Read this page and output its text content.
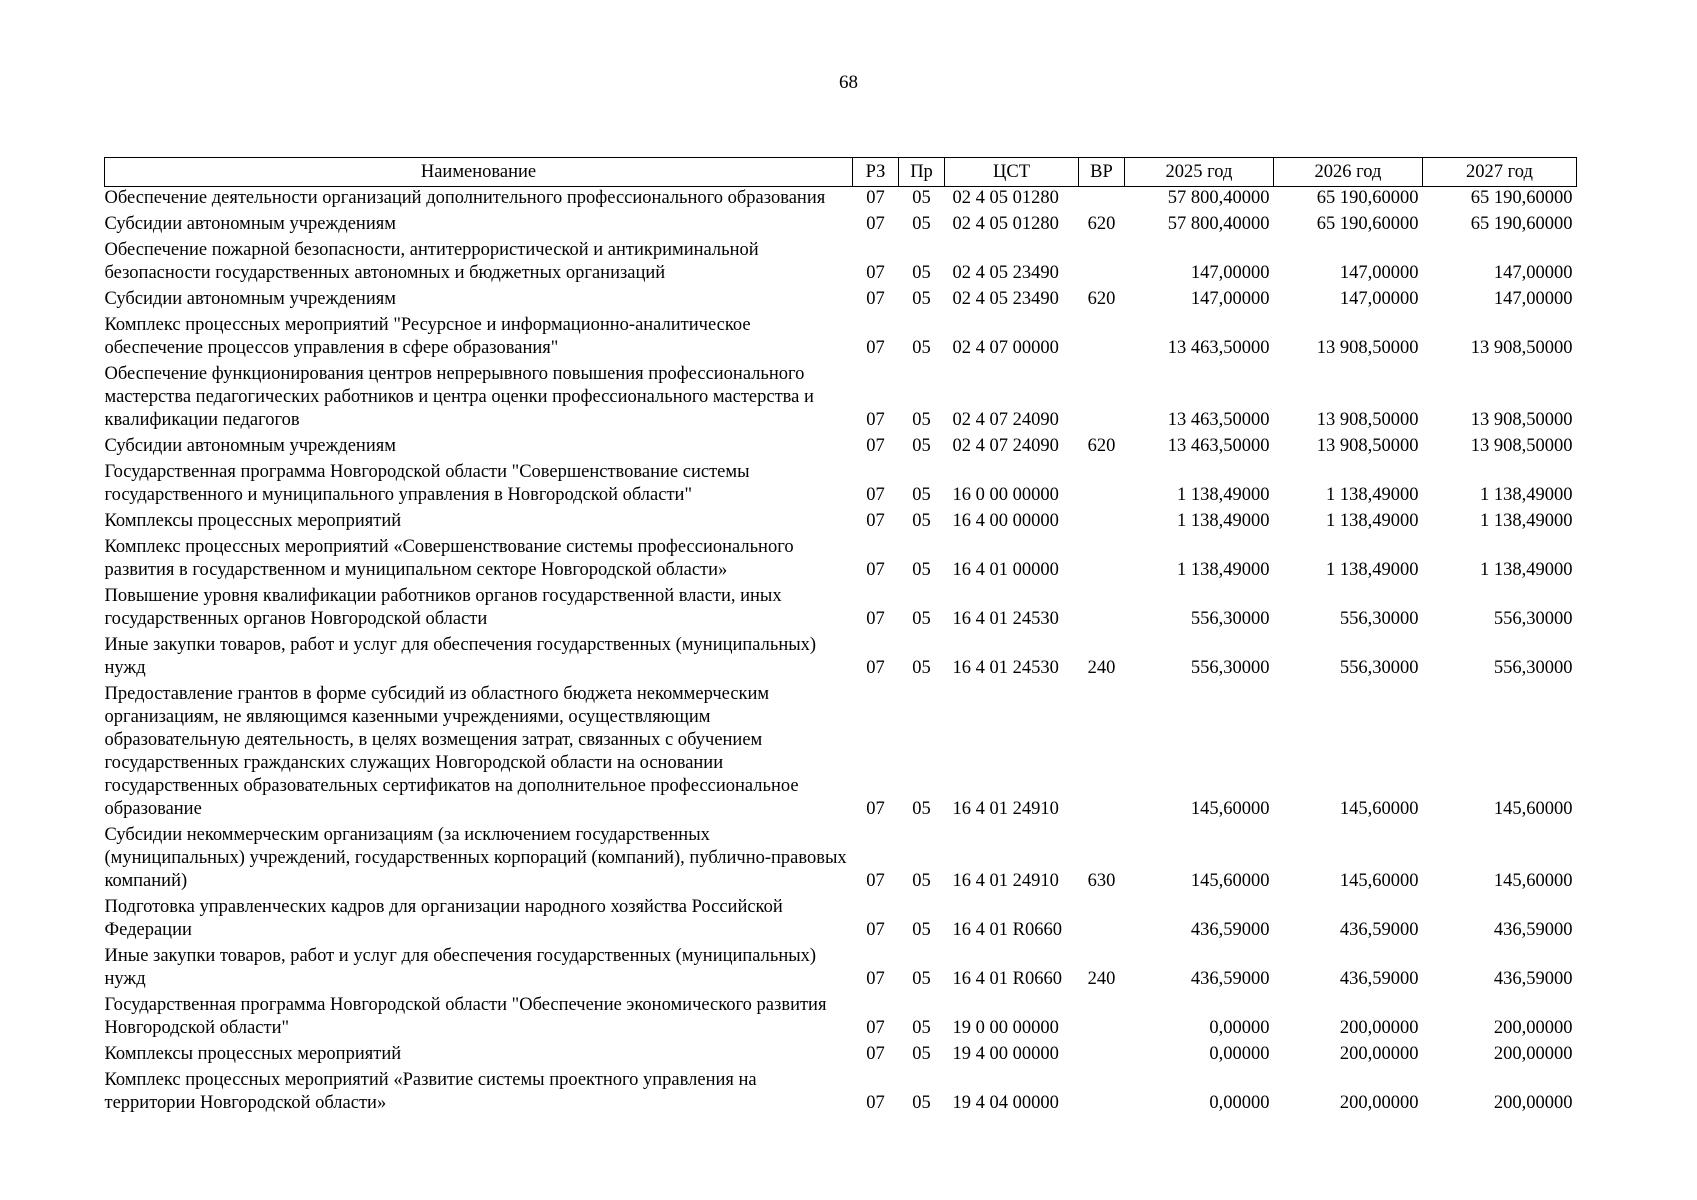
68
Наименование	РЗ	Пр	ЦСТ	ВР	2025 год	2026 год	2027 год
Обеспечение деятельности организаций дополнительного профессионального образования	07	05	02 4 05 01280		57 800,40000	65 190,60000	65 190,60000
Субсидии автономным учреждениям	07	05	02 4 05 01280	620	57 800,40000	65 190,60000	65 190,60000
Обеспечение пожарной безопасности, антитеррористической и антикриминальной безопасности государственных автономных и бюджетных организаций	07	05	02 4 05 23490		147,00000	147,00000	147,00000
Субсидии автономным учреждениям	07	05	02 4 05 23490	620	147,00000	147,00000	147,00000
Комплекс процессных мероприятий "Ресурсное и информационно-аналитическое обеспечение процессов управления в сфере образования"	07	05	02 4 07 00000		13 463,50000	13 908,50000	13 908,50000
Обеспечение функционирования центров непрерывного повышения профессионального мастерства педагогических работников и центра оценки профессионального мастерства и квалификации педагогов	07	05	02 4 07 24090		13 463,50000	13 908,50000	13 908,50000
Субсидии автономным учреждениям	07	05	02 4 07 24090	620	13 463,50000	13 908,50000	13 908,50000
Государственная программа Новгородской области "Совершенствование системы государственного и муниципального управления в Новгородской области"	07	05	16 0 00 00000		1 138,49000	1 138,49000	1 138,49000
Комплексы процессных мероприятий	07	05	16 4 00 00000		1 138,49000	1 138,49000	1 138,49000
Комплекс процессных мероприятий «Совершенствование системы профессионального развития в государственном и муниципальном секторе Новгородской области»	07	05	16 4 01 00000		1 138,49000	1 138,49000	1 138,49000
Повышение уровня квалификации работников органов государственной власти, иных государственных органов Новгородской области	07	05	16 4 01 24530		556,30000	556,30000	556,30000
Иные закупки товаров, работ и услуг для обеспечения государственных (муниципальных) нужд	07	05	16 4 01 24530	240	556,30000	556,30000	556,30000
Предоставление грантов в форме субсидий из областного бюджета некоммерческим организациям, не являющимся казенными учреждениями, осуществляющим образовательную деятельность, в целях возмещения затрат, связанных с обучением государственных гражданских служащих Новгородской области на основании государственных образовательных сертификатов на дополнительное профессиональное образование	07	05	16 4 01 24910		145,60000	145,60000	145,60000
Субсидии некоммерческим организациям (за исключением государственных (муниципальных) учреждений, государственных корпораций (компаний), публично-правовых компаний)	07	05	16 4 01 24910	630	145,60000	145,60000	145,60000
Подготовка управленческих кадров для организации народного хозяйства Российской Федерации	07	05	16 4 01 R0660		436,59000	436,59000	436,59000
Иные закупки товаров, работ и услуг для обеспечения государственных (муниципальных) нужд	07	05	16 4 01 R0660	240	436,59000	436,59000	436,59000
Государственная программа Новгородской области "Обеспечение экономического развития Новгородской области"	07	05	19 0 00 00000		0,00000	200,00000	200,00000
Комплексы процессных мероприятий	07	05	19 4 00 00000		0,00000	200,00000	200,00000
Комплекс процессных мероприятий «Развитие системы проектного управления на территории Новгородской области»	07	05	19 4 04 00000		0,00000	200,00000	200,00000
